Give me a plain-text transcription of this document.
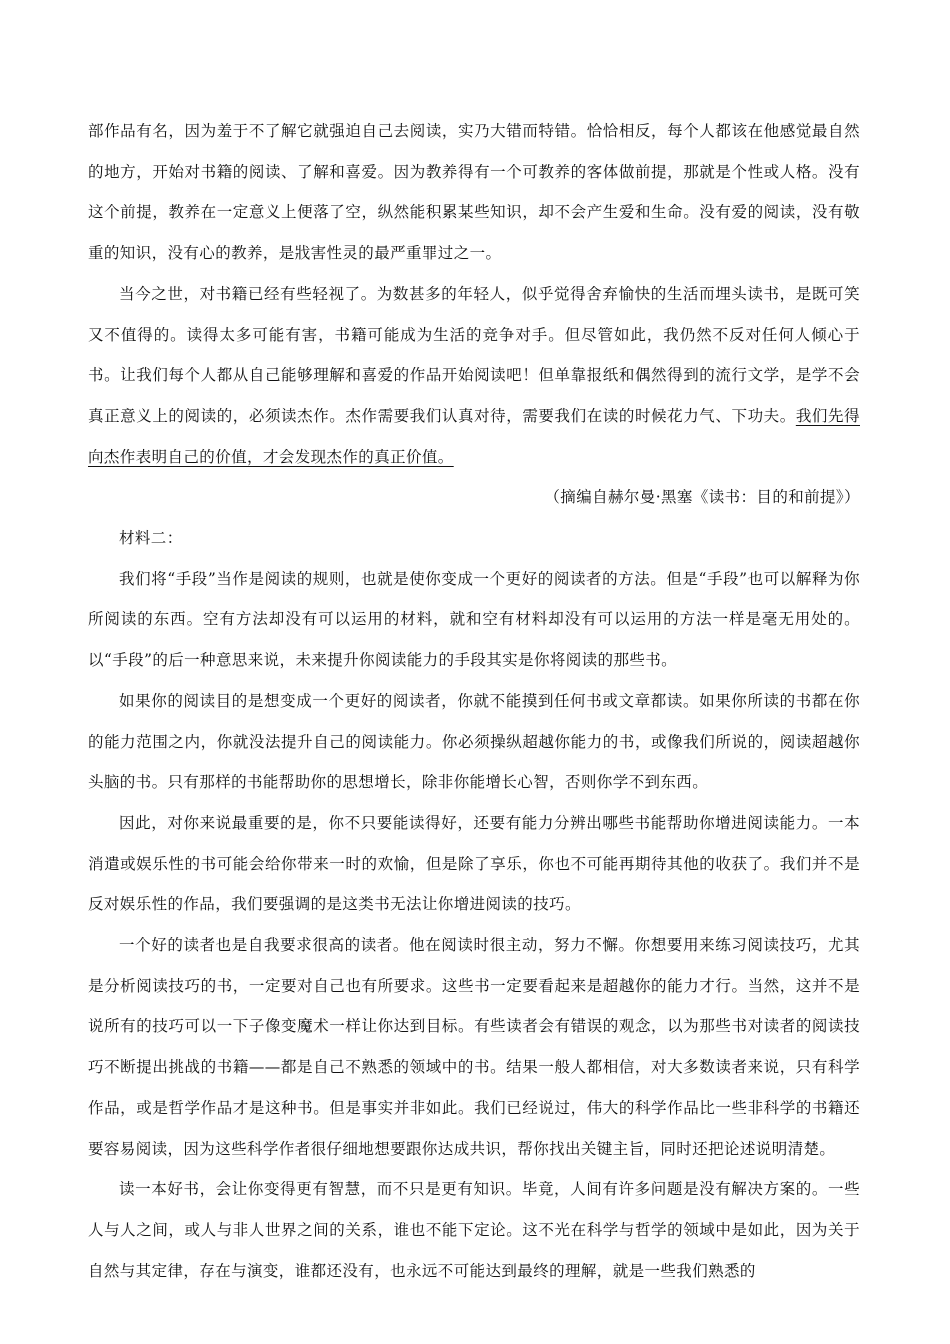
部作品有名，因为羞于不了解它就强迫自己去阅读，实乃大错而特错。恰恰相反，每个人都该在他感觉最自然的地方，开始对书籍的阅读、了解和喜爱。因为教养得有一个可教养的客体做前提，那就是个性或人格。没有这个前提，教养在一定意义上便落了空，纵然能积累某些知识，却不会产生爱和生命。没有爱的阅读，没有敬重的知识，没有心的教养，是戕害性灵的最严重罪过之一。

当今之世，对书籍已经有些轻视了。为数甚多的年轻人，似乎觉得舍弃愉快的生活而埋头读书，是既可笑又不值得的。读得太多可能有害，书籍可能成为生活的竞争对手。但尽管如此，我仍然不反对任何人倾心于书。让我们每个人都从自己能够理解和喜爱的作品开始阅读吧！但单靠报纸和偶然得到的流行文学，是学不会真正意义上的阅读的，必须读杰作。杰作需要我们认真对待，需要我们在读的时候花力气、下功夫。我们先得向杰作表明自己的价值，才会发现杰作的真正价值。

（摘编自赫尔曼·黑塞《读书：目的和前提》）

材料二：

我们将“手段”当作是阅读的规则，也就是使你变成一个更好的阅读者的方法。但是“手段”也可以解释为你所阅读的东西。空有方法却没有可以运用的材料，就和空有材料却没有可以运用的方法一样是毫无用处的。以“手段”的后一种意思来说，未来提升你阅读能力的手段其实是你将阅读的那些书。

如果你的阅读目的是想变成一个更好的阅读者，你就不能摸到任何书或文章都读。如果你所读的书都在你的能力范围之内，你就没法提升自己的阅读能力。你必须操纵超越你能力的书，或像我们所说的，阅读超越你头脑的书。只有那样的书能帮助你的思想增长，除非你能增长心智，否则你学不到东西。

因此，对你来说最重要的是，你不只要能读得好，还要有能力分辨出哪些书能帮助你增进阅读能力。一本消遣或娱乐性的书可能会给你带来一时的欢愉，但是除了享乐，你也不可能再期待其他的收获了。我们并不是反对娱乐性的作品，我们要强调的是这类书无法让你增进阅读的技巧。

一个好的读者也是自我要求很高的读者。他在阅读时很主动，努力不懈。你想要用来练习阅读技巧，尤其是分析阅读技巧的书，一定要对自己也有所要求。这些书一定要看起来是超越你的能力才行。当然，这并不是说所有的技巧可以一下子像变魔术一样让你达到目标。有些读者会有错误的观念，以为那些书对读者的阅读技巧不断提出挑战的书籍——都是自己不熟悉的领域中的书。结果一般人都相信，对大多数读者来说，只有科学作品，或是哲学作品才是这种书。但是事实并非如此。我们已经说过，伟大的科学作品比一些非科学的书籍还要容易阅读，因为这些科学作者很仔细地想要跟你达成共识，帮你找出关键主旨，同时还把论述说明清楚。

读一本好书，会让你变得更有智慧，而不只是更有知识。毕竟，人间有许多问题是没有解决方案的。一些人与人之间，或人与非人世界之间的关系，谁也不能下定论。这不光在科学与哲学的领域中是如此，因为关于自然与其定律，存在与演变，谁都还没有，也永远不可能达到最终的理解，就是一些我们熟悉的
